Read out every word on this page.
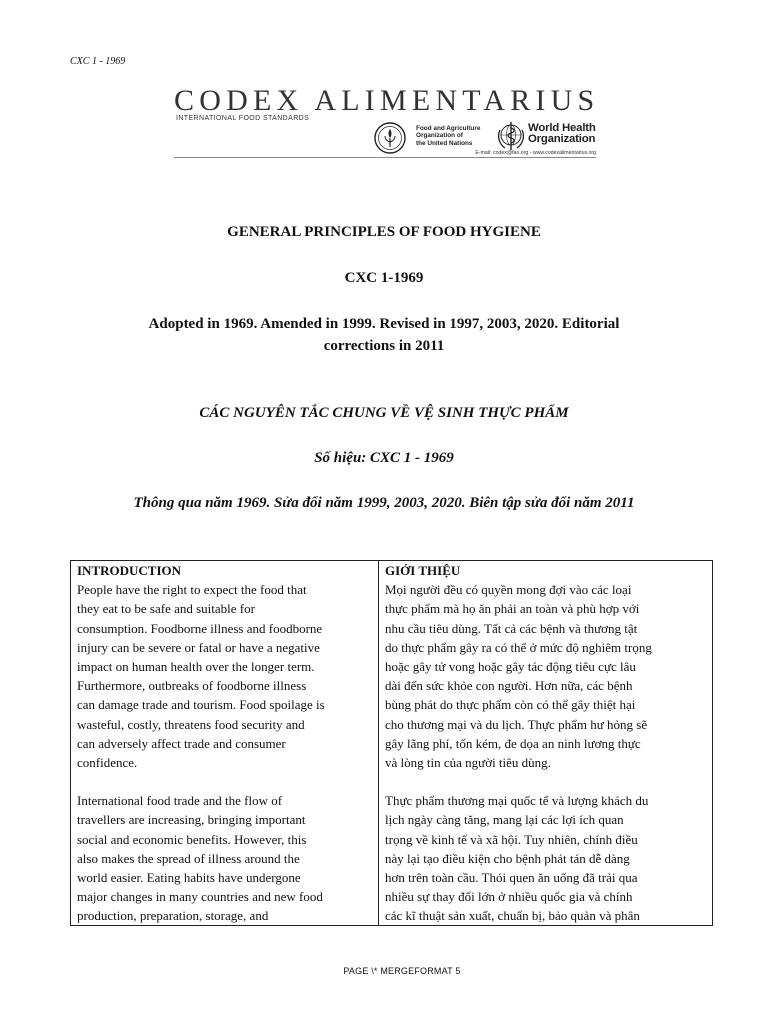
CXC 1 - 1969
CODEX ALIMENTARIUS
INTERNATIONAL FOOD STANDARDS
Food and Agriculture
Organization of
the United Nations
World Health
Organization
E-mail: codex@fao.org - www.codexalimentarius.org
GENERAL PRINCIPLES OF FOOD HYGIENE
CXC 1-1969
Adopted in 1969. Amended in 1999. Revised in 1997, 2003, 2020. Editorial
corrections in 2011
CÁC NGUYÊN TẮC CHUNG VỀ VỆ SINH THỰC PHẨM
Số hiệu: CXC 1 - 1969
Thông qua năm 1969. Sửa đổi năm 1999, 2003, 2020. Biên tập sửa đổi năm 2011
INTRODUCTION
People have the right to expect the food that
they eat to be safe and suitable for
consumption. Foodborne illness and foodborne
injury can be severe or fatal or have a negative
impact on human health over the longer term.
Furthermore, outbreaks of foodborne illness
can damage trade and tourism. Food spoilage is
wasteful, costly, threatens food security and
can adversely affect trade and consumer
confidence.
International food trade and the flow of
travellers are increasing, bringing important
social and economic benefits. However, this
also makes the spread of illness around the
world easier. Eating habits have undergone
major changes in many countries and new food
production, preparation, storage, and
GIỚI THIỆU
Mọi người đều có quyền mong đợi vào các loại
thực phẩm mà họ ăn phải an toàn và phù hợp với
nhu cầu tiêu dùng. Tất cả các bệnh và thương tật
do thực phẩm gây ra có thể ở mức độ nghiêm trọng
hoặc gây tử vong hoặc gây tác động tiêu cực lâu
dài đến sức khỏe con người. Hơn nữa, các bệnh
bùng phát do thực phẩm còn có thể gây thiệt hại
cho thương mại và du lịch. Thực phẩm hư hỏng sẽ
gây lãng phí, tốn kém, đe dọa an ninh lương thực
và lòng tin của người tiêu dùng.
Thực phẩm thương mại quốc tế và lượng khách du
lịch ngày càng tăng, mang lại các lợi ích quan
trọng về kinh tế và xã hội. Tuy nhiên, chính điều
này lại tạo điều kiện cho bệnh phát tán dễ dàng
hơn trên toàn cầu. Thói quen ăn uống đã trải qua
nhiều sự thay đổi lớn ở nhiều quốc gia và chính
các kĩ thuật sản xuất, chuẩn bị, bảo quản và phân
PAGE \* MERGEFORMAT 5
